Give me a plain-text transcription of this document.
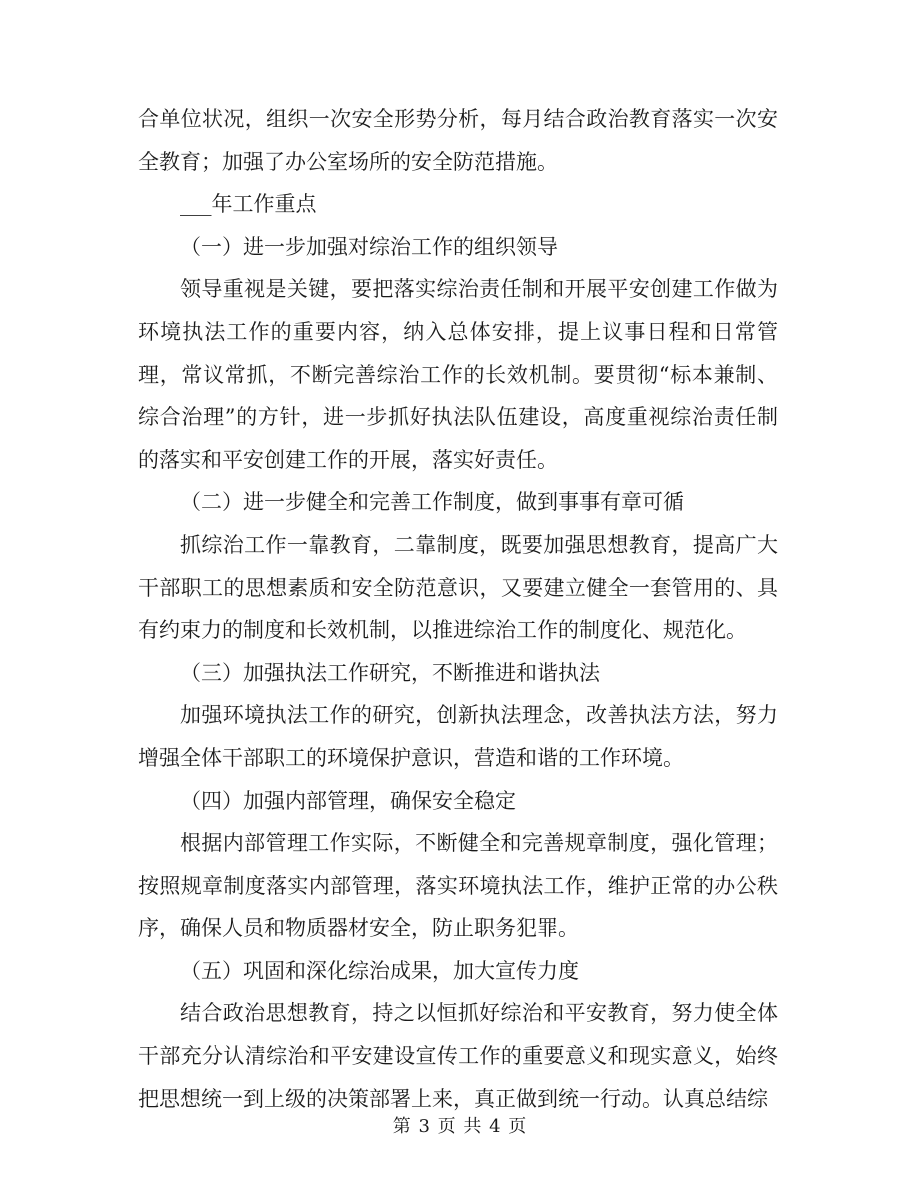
合单位状况，组织一次安全形势分析，每月结合政治教育落实一次安全教育；加强了办公室场所的安全防范措施。

___年工作重点

（一）进一步加强对综治工作的组织领导

领导重视是关键，要把落实综治责任制和开展平安创建工作做为环境执法工作的重要内容，纳入总体安排，提上议事日程和日常管理，常议常抓，不断完善综治工作的长效机制。要贯彻“标本兼制、综合治理”的方针，进一步抓好执法队伍建设，高度重视综治责任制的落实和平安创建工作的开展，落实好责任。

（二）进一步健全和完善工作制度，做到事事有章可循

抓综治工作一靠教育，二靠制度，既要加强思想教育，提高广大干部职工的思想素质和安全防范意识，又要建立健全一套管用的、具有约束力的制度和长效机制，以推进综治工作的制度化、规范化。

（三）加强执法工作研究，不断推进和谐执法

加强环境执法工作的研究，创新执法理念，改善执法方法，努力增强全体干部职工的环境保护意识，营造和谐的工作环境。

（四）加强内部管理，确保安全稳定

根据内部管理工作实际，不断健全和完善规章制度，强化管理；按照规章制度落实内部管理，落实环境执法工作，维护正常的办公秩序，确保人员和物质器材安全，防止职务犯罪。

（五）巩固和深化综治成果，加大宣传力度

结合政治思想教育，持之以恒抓好综治和平安教育，努力使全体干部充分认清综治和平安建设宣传工作的重要意义和现实意义，始终把思想统一到上级的决策部署上来，真正做到统一行动。认真总结综

第 3 页 共 4 页
